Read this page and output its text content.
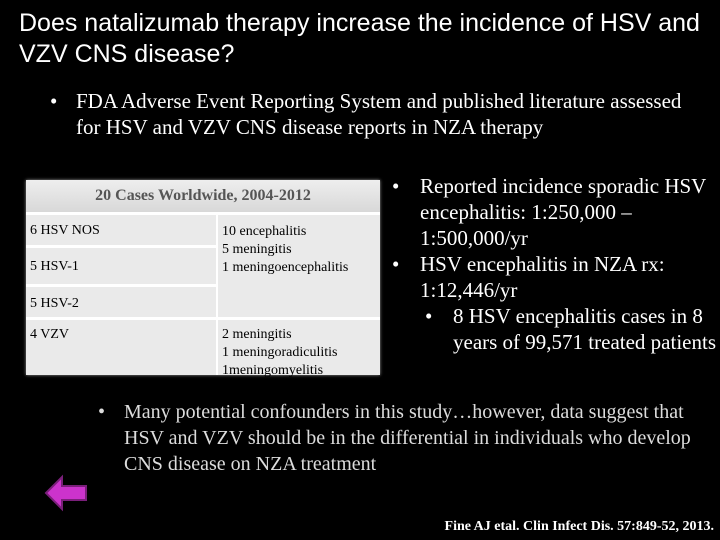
Does natalizumab therapy increase the incidence of HSV and VZV CNS disease?
• FDA Adverse Event Reporting System and published literature assessed for HSV and VZV CNS disease reports in NZA therapy
20 Cases Worldwide, 2004-2012
6 HSV NOS
5 HSV-1
5 HSV-2
4 VZV
10 encephalitis
5 meningitis
1 meningoencephalitis
2 meningitis
1 meningoradiculitis
1meningomyelitis
• Reported incidence sporadic HSV encephalitis: 1:250,000 – 1:500,000/yr
• HSV encephalitis in NZA rx: 1:12,446/yr
• 8 HSV encephalitis cases in 8 years of 99,571 treated patients
• Many potential confounders in this study…however, data suggest that HSV and VZV should be in the differential in individuals who develop CNS disease on NZA treatment
Fine AJ etal. Clin Infect Dis. 57:849-52, 2013.
